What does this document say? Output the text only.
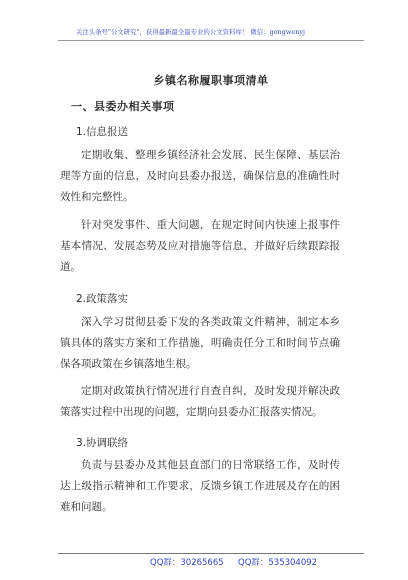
关注头条号"公文研究"，获得最新最全最专业的公文资料库！ 微信：gongwenyj
乡镇名称履职事项清单
一、县委办相关事项
1.信息报送

定期收集、整理乡镇经济社会发展、民生保障、基层治理等方面的信息，及时向县委办报送，确保信息的准确性时效性和完整性。

针对突发事件、重大问题，在规定时间内快速上报事件基本情况、发展态势及应对措施等信息，并做好后续跟踪报道。

2.政策落实

深入学习贯彻县委下发的各类政策文件精神，制定本乡镇具体的落实方案和工作措施，明确责任分工和时间节点确保各项政策在乡镇落地生根。

定期对政策执行情况进行自查自纠，及时发现并解决政策落实过程中出现的问题，定期向县委办汇报落实情况。

3.协调联络

负责与县委办及其他县直部门的日常联络工作，及时传达上级指示精神和工作要求，反馈乡镇工作进展及存在的困难和问题。

QQ群：30265665 QQ群：535304092
